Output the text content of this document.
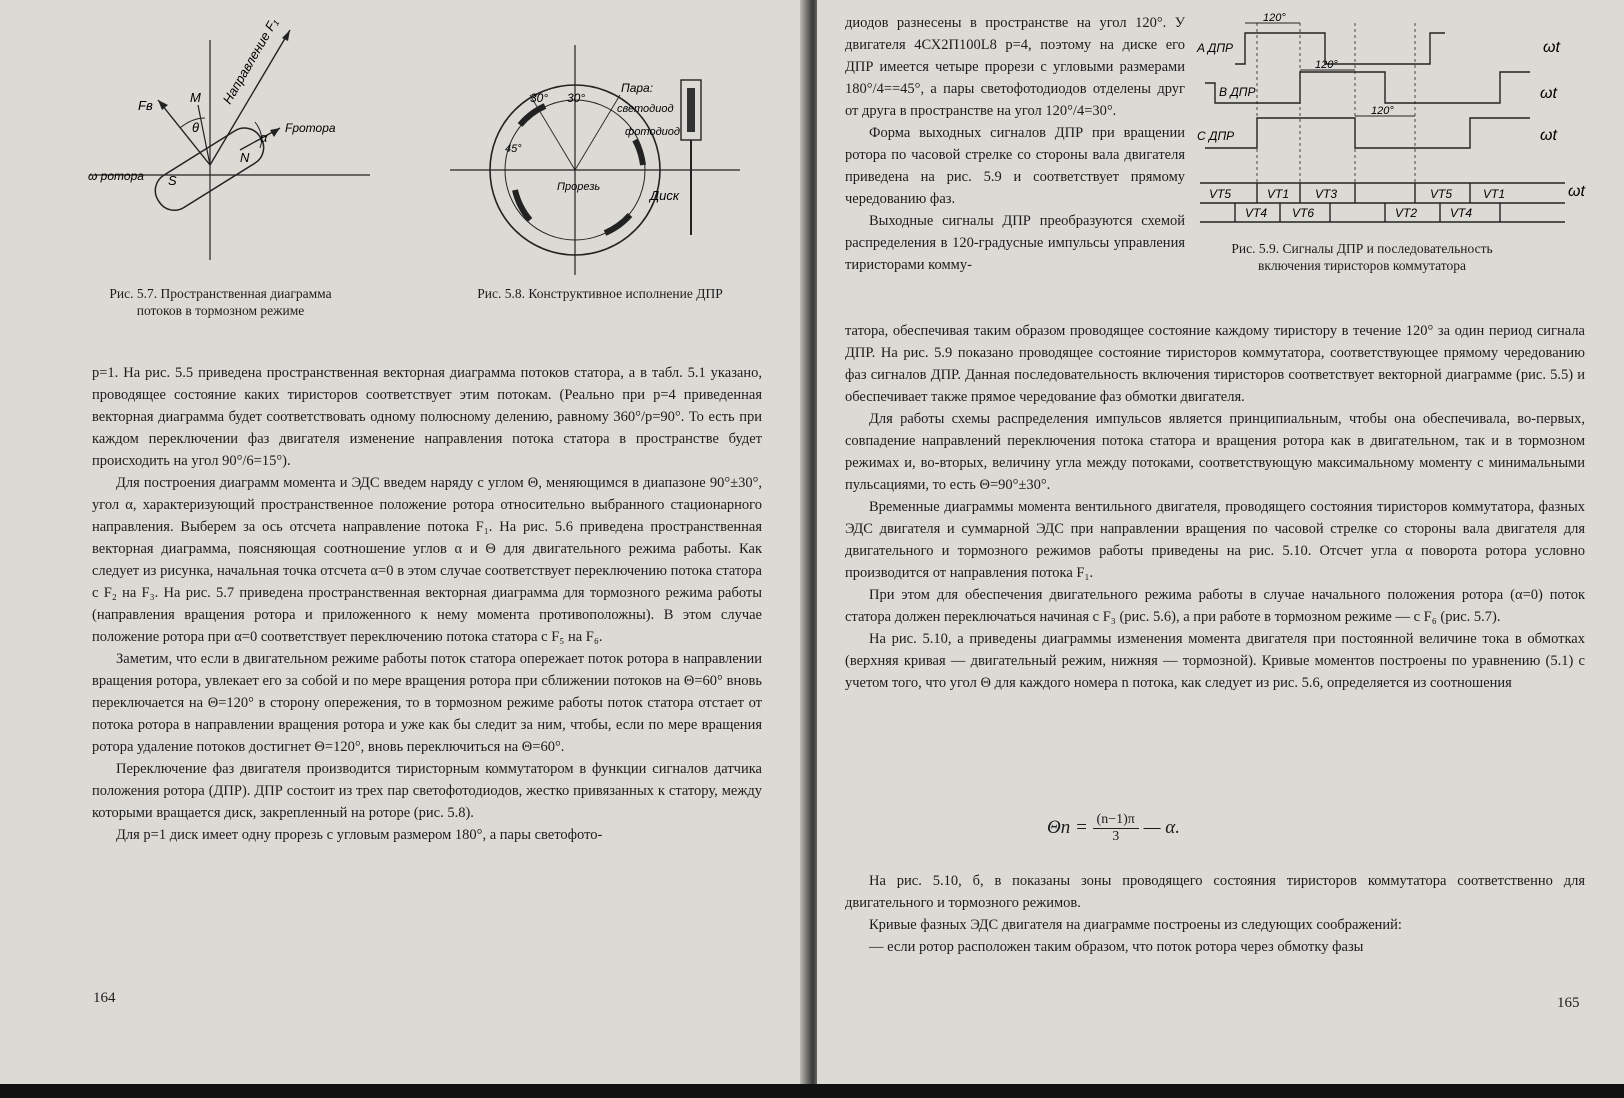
Направление F₁
Fв
M
θ
α
Fротора
N
S
ω ротора
30° 30°
45°
Пара:
светодиод
фотодиод
Прорезь
Диск
Рис. 5.7. Пространственная диаграмма потоков в тормозном режиме
Рис. 5.8. Конструктивное исполнение ДПР

p=1. На рис. 5.5 приведена пространственная векторная диаграмма потоков статора, а в табл. 5.1 указано, проводящее состояние каких тиристоров соответствует этим потокам. (Реально при p=4 приведенная векторная диаграмма будет соответствовать одному полюсному делению, равному 360°/p=90°. То есть при каждом переключении фаз двигателя изменение направления потока статора в пространстве будет происходить на угол 90°/6=15°).

Для построения диаграмм момента и ЭДС введем наряду с углом Θ, меняющимся в диапазоне 90°±30°, угол α, характеризующий пространственное положение ротора относительно выбранного стационарного направления. Выберем за ось отсчета направление потока F₁. На рис. 5.6 приведена пространственная векторная диаграмма, поясняющая соотношение углов α и Θ для двигательного режима работы. Как следует из рисунка, начальная точка отсчета α=0 в этом случае соответствует переключению потока статора с F₂ на F₃. На рис. 5.7 приведена пространственная векторная диаграмма для тормозного режима работы (направления вращения ротора и приложенного к нему момента противоположны). В этом случае положение ротора при α=0 соответствует переключению потока статора с F₅ на F₆.

Заметим, что если в двигательном режиме работы поток статора опережает поток ротора в направлении вращения ротора, увлекает его за собой и по мере вращения ротора при сближении потоков на Θ=60° вновь переключается на Θ=120° в сторону опережения, то в тормозном режиме работы поток статора отстает от потока ротора в направлении вращения ротора и уже как бы следит за ним, чтобы, если по мере вращения ротора удаление потоков достигнет Θ=120°, вновь переключиться на Θ=60°.

Переключение фаз двигателя производится тиристорным коммутатором в функции сигналов датчика положения ротора (ДПР). ДПР состоит из трех пар светофотодиодов, жестко привязанных к статору, между которыми вращается диск, закрепленный на роторе (рис. 5.8).

Для p=1 диск имеет одну прорезь с угловым размером 180°, а пары светофото-

164

диодов разнесены в пространстве на угол 120°. У двигателя 4СХ2П100L8 p=4, поэтому на диске его ДПР имеется четыре прорези с угловыми размерами 180°/4==45°, а пары светофотодиодов отделены друг от друга в пространстве на угол 120°/4=30°.

Форма выходных сигналов ДПР при вращении ротора по часовой стрелке со стороны вала двигателя приведена на рис. 5.9 и соответствует прямому чередованию фаз.

Выходные сигналы ДПР преобразуются схемой распределения в 120-градусные импульсы управления тиристорами комму-

A ДПР
B ДПР
C ДПР
ωt
ωt
ωt
ωt
120°
120°
120°
VT5	VT1 VT3	VT5	VT1
VT4 VT6	VT2	VT4
Рис. 5.9. Сигналы ДПР и последовательность включения тиристоров коммутатора

татора, обеспечивая таким образом проводящее состояние каждому тиристору в течение 120° за один период сигнала ДПР. На рис. 5.9 показано проводящее состояние тиристоров коммутатора, соответствующее прямому чередованию фаз сигналов ДПР. Данная последовательность включения тиристоров соответствует векторной диаграмме (рис. 5.5) и обеспечивает также прямое чередование фаз обмотки двигателя.

Для работы схемы распределения импульсов является принципиальным, чтобы она обеспечивала, во-первых, совпадение направлений переключения потока статора и вращения ротора как в двигательном, так и в тормозном режимах и, во-вторых, величину угла между потоками, соответствующую максимальному моменту с минимальными пульсациями, то есть Θ=90°±30°.

Временные диаграммы момента вентильного двигателя, проводящего состояния тиристоров коммутатора, фазных ЭДС двигателя и суммарной ЭДС при направлении вращения по часовой стрелке со стороны вала двигателя для двигательного и тормозного режимов работы приведены на рис. 5.10. Отсчет угла α поворота ротора условно производится от направления потока F₁.

При этом для обеспечения двигательного режима работы в случае начального положения ротора (α=0) поток статора должен переключаться начиная с F₃ (рис. 5.6), а при работе в тормозном режиме — с F₆ (рис. 5.7).

На рис. 5.10, а приведены диаграммы изменения момента двигателя при постоянной величине тока в обмотках (верхняя кривая — двигательный режим, нижняя — тормозной). Кривые моментов построены по уравнению (5.1) с учетом того, что угол Θ для каждого номера n потока, как следует из рис. 5.6, определяется из соотношения

$\Theta n = \frac{(n-1)\pi}{3}$ — α.

На рис. 5.10, б, в показаны зоны проводящего состояния тиристоров коммутатора соответственно для двигательного и тормозного режимов.

Кривые фазных ЭДС двигателя на диаграмме построены из следующих соображений:

— если ротор расположен таким образом, что поток ротора через обмотку фазы

165
